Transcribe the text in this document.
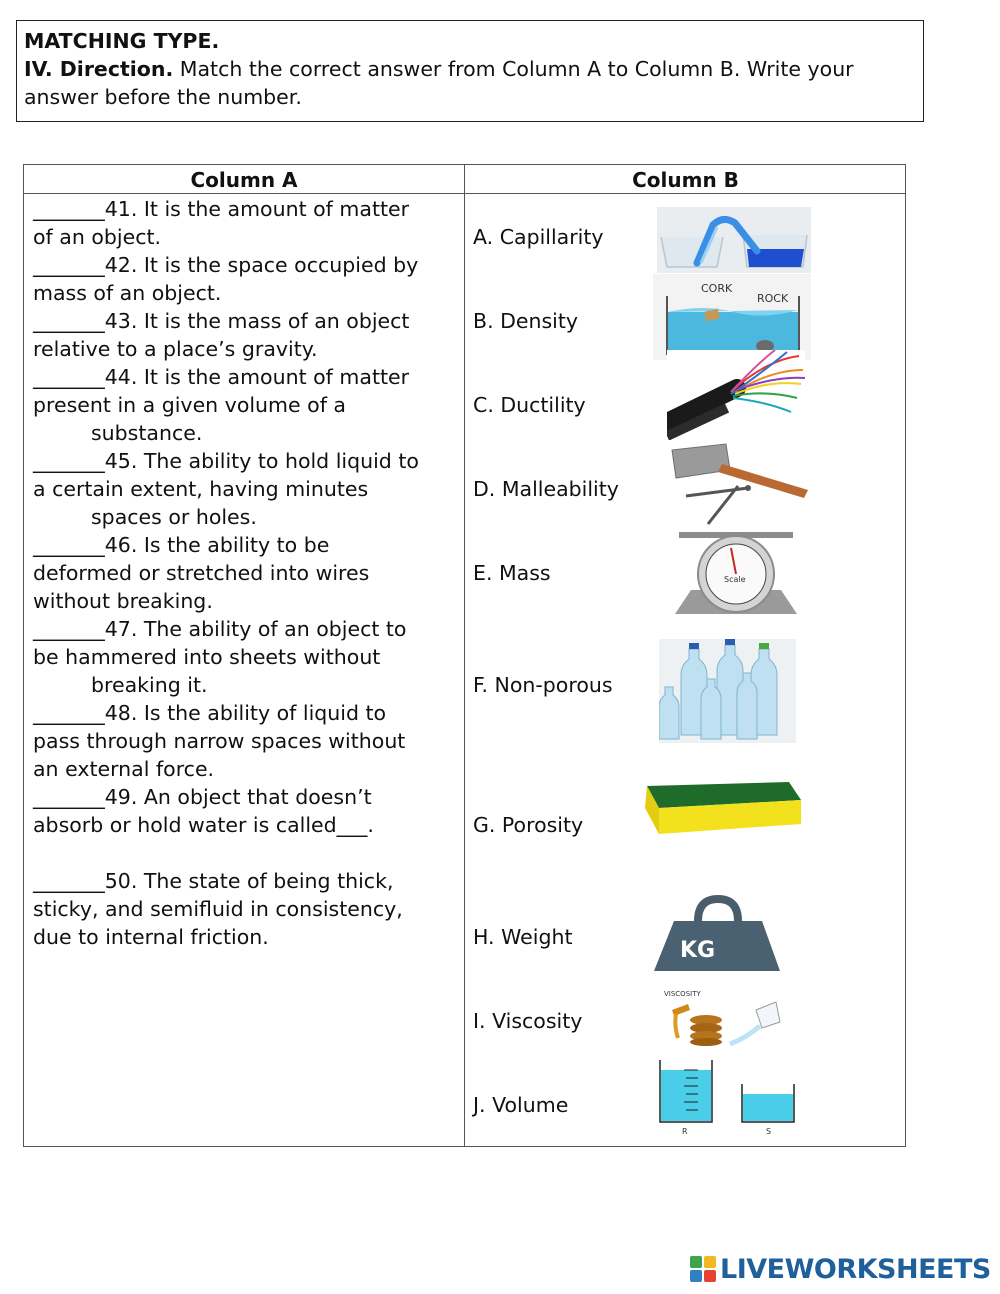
MATCHING TYPE.
IV. Direction. Match the correct answer from Column A to Column B. Write your
answer before the number.
Column A	Column B
_______41. It is the amount of matter
of an object.
_______42. It is the space occupied by
mass of an object.
_______43. It is the mass of an object
relative to a place’s gravity.
_______44. It is the amount of matter
present in a given volume of a
substance.
_______45. The ability to hold liquid to
a certain extent, having minutes
spaces or holes.
_______46. Is the ability to be
deformed or stretched into wires
without breaking.
_______47. The ability of an object to
be hammered into sheets without
breaking it.
_______48. Is the ability of liquid to
pass through narrow spaces without
an external force.
_______49. An object that doesn’t
absorb or hold water is called___.
_______50. The state of being thick,
sticky, and semifluid in consistency,
due to internal friction.
A. Capillarity
B. Density
C. Ductility
D. Malleability
E. Mass
F. Non-porous
G. Porosity
H. Weight
I. Viscosity
J. Volume
CORK
ROCK
Scale
KG
VISCOSITY
R	S
LIVEWORKSHEETS
